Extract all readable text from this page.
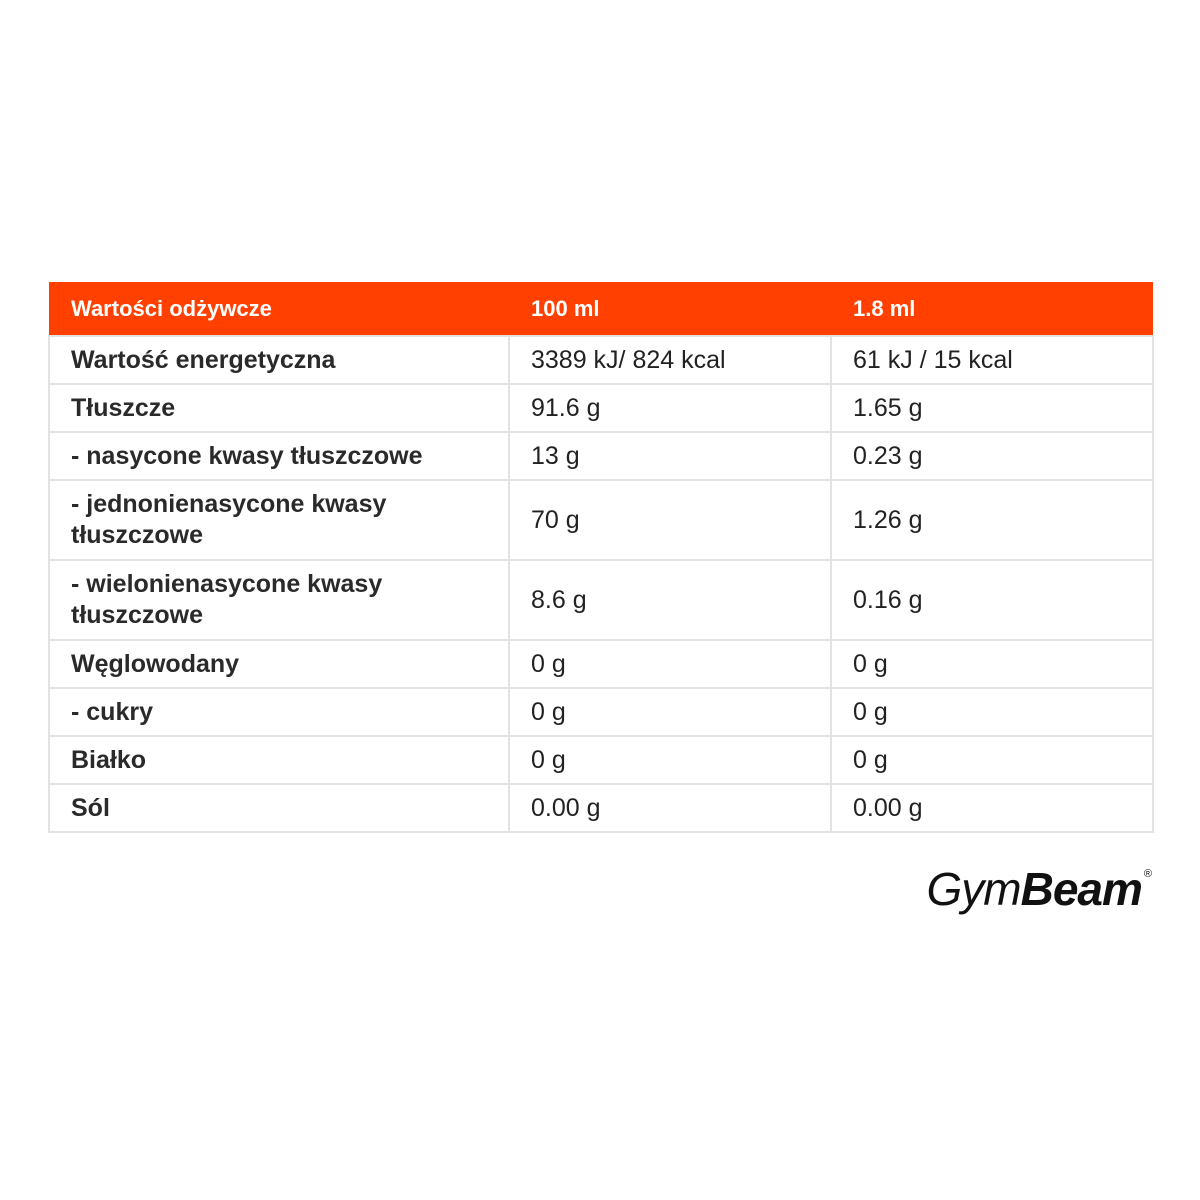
Wartości odżywcze	100 ml	1.8 ml
Wartość energetyczna	3389 kJ/ 824 kcal	61 kJ / 15 kcal
Tłuszcze	91.6 g	1.65 g
- nasycone kwasy tłuszczowe	13 g	0.23 g
- jednonienasycone kwasy tłuszczowe	70 g	1.26 g
- wielonienasycone kwasy tłuszczowe	8.6 g	0.16 g
Węglowodany	0 g	0 g
- cukry	0 g	0 g
Białko	0 g	0 g
Sól	0.00 g	0.00 g
Gym Beam ®
